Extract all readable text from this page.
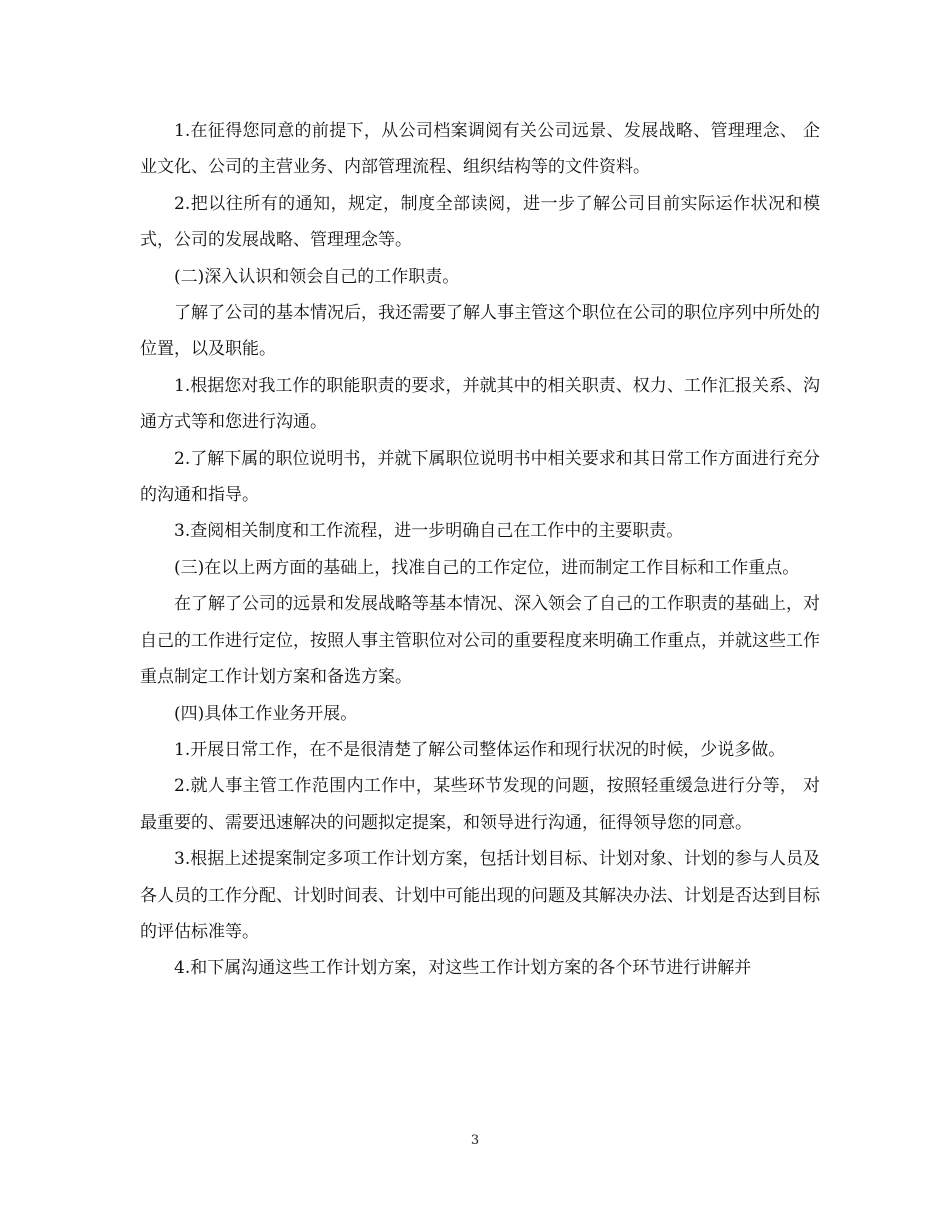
1.在征得您同意的前提下，从公司档案调阅有关公司远景、发展战略、管理理念、 企业文化、公司的主营业务、内部管理流程、组织结构等的文件资料。

2.把以往所有的通知，规定，制度全部读阅，进一步了解公司目前实际运作状况和模式，公司的发展战略、管理理念等。

(二)深入认识和领会自己的工作职责。

了解了公司的基本情况后，我还需要了解人事主管这个职位在公司的职位序列中所处的位置，以及职能。

1.根据您对我工作的职能职责的要求，并就其中的相关职责、权力、工作汇报关系、沟通方式等和您进行沟通。

2.了解下属的职位说明书，并就下属职位说明书中相关要求和其日常工作方面进行充分的沟通和指导。

3.查阅相关制度和工作流程，进一步明确自己在工作中的主要职责。

(三)在以上两方面的基础上，找准自己的工作定位，进而制定工作目标和工作重点。

在了解了公司的远景和发展战略等基本情况、深入领会了自己的工作职责的基础上，对自己的工作进行定位，按照人事主管职位对公司的重要程度来明确工作重点，并就这些工作重点制定工作计划方案和备选方案。

(四)具体工作业务开展。

1.开展日常工作，在不是很清楚了解公司整体运作和现行状况的时候，少说多做。

2.就人事主管工作范围内工作中，某些环节发现的问题，按照轻重缓急进行分等， 对最重要的、需要迅速解决的问题拟定提案，和领导进行沟通，征得领导您的同意。

3.根据上述提案制定多项工作计划方案，包括计划目标、计划对象、计划的参与人员及各人员的工作分配、计划时间表、计划中可能出现的问题及其解决办法、计划是否达到目标的评估标准等。

4.和下属沟通这些工作计划方案，对这些工作计划方案的各个环节进行讲解并

3
